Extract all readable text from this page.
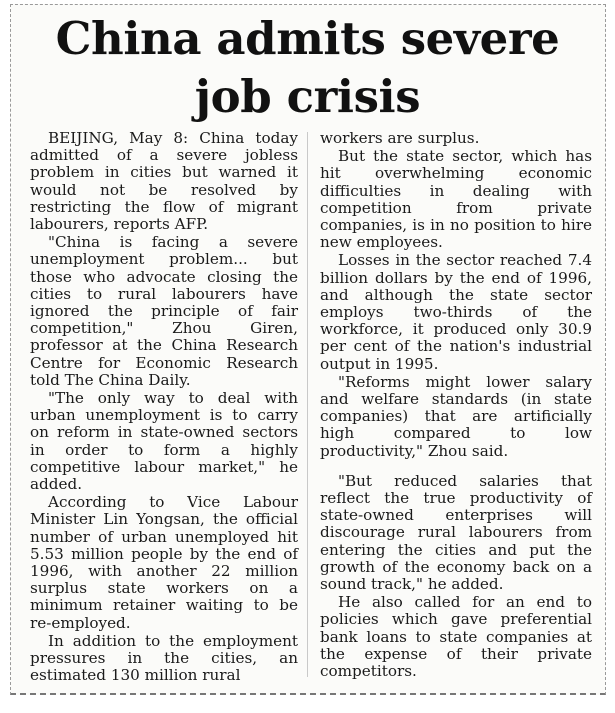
China admits severe
job crisis

BEIJING, May 8: China today admitted of a severe jobless problem in cities but warned it would not be resolved by restricting the flow of migrant labourers, reports AFP.

"China is facing a severe unemployment problem... but those who advocate closing the cities to rural labourers have ignored the principle of fair competition," Zhou Giren, professor at the China Research Centre for Economic Research told The China Daily.

"The only way to deal with urban unemployment is to carry on reform in state-owned sectors in order to form a highly competitive labour market," he added.

According to Vice Labour Minister Lin Yongsan, the official number of urban unemployed hit 5.53 million people by the end of 1996, with another 22 million surplus state workers on a minimum retainer waiting to be re-employed.

In addition to the employment pressures in the cities, an estimated 130 million rural

workers are surplus.

But the state sector, which has hit overwhelming economic difficulties in dealing with competition from private companies, is in no position to hire new employees.

Losses in the sector reached 7.4 billion dollars by the end of 1996, and although the state sector employs two-thirds of the workforce, it produced only 30.9 per cent of the nation's industrial output in 1995.

"Reforms might lower salary and welfare standards (in state companies) that are artificially high compared to low productivity," Zhou said.

"But reduced salaries that reflect the true productivity of state-owned enterprises will discourage rural labourers from entering the cities and put the growth of the economy back on a sound track," he added.

He also called for an end to policies which gave preferential bank loans to state companies at the expense of their private competitors.
